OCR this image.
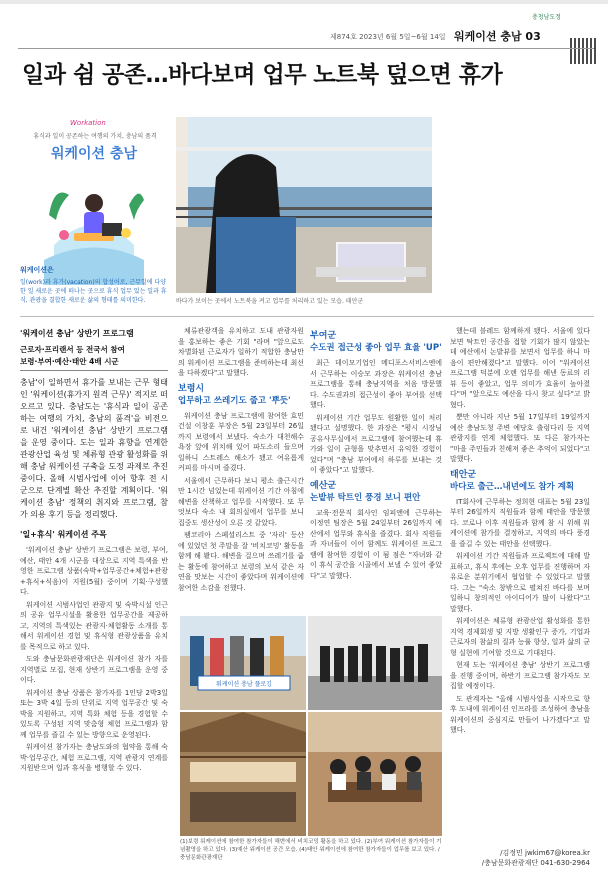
제874호 2023년 6월 5일~6월 14일 워케이션 충남 03
충청남도정
일과 쉼 공존…바다보며 업무 노트북 덮으면 휴가
Workation
휴식과 일이 공존하는 여행의 가치, 충남의 품격
워케이션 충남
워케이션은
일(work)과 휴가(vacation)의 합성어로, 근무일에 다양한 일 새로운 곳에 떠나는 곳으로 휴식 업무 있는 일과 휴식, 관광을 결합한 새로운 삶의 형태를 의미한다.	바다가 보이는 곳에서 노트북을 켜고 업무를 처리하고 있는 모습. 태안군
'워케이션 충남' 상반기 프로그램
근로자·프리랜서 등 전국서 참여
보령·부여·예산·태안 4배 시군
충남'이 일하면서 휴가를 보내는 근무 형태인 '워케이션(휴가지 원격 근무)' 적지로 떠오르고 있다. 충남도는 '휴식과 일이 공존하는 여행의 가치, 충남의 품격'을 비전으로 내건 '워케이션 충남' 상반기 프로그램을 운영 중이다. 도는 일과 휴향을 연계한 관광산업 육성 및 체류형 관광 활성화를 위해 충남 워케이션 구축을 도정 과제로 추진 중이다. 올해 시범사업에 이어 향후 전 시군으로 단계별 확산 추진할 계획이다. '워케이션 충남' 정책의 취지와 프로그램, 참가 의용 후기 등을 정리했다.
'일+휴식' 워케이션 주목

'워케이션 충남' 상반기 프로그램은 보령, 부여, 예산, 태안 4개 시군을 대상으로 지역 특색을 반영한 프로그램 상품(숙박+업무공간+체험+관광+휴식+식음)이 지원(5월) 중이며 기획·구성했다.

워케이션 시범사업인 관광지 및 숙박시설 인근의 공유 업무시설을 활용한 업무공간을 제공하고, 지역의 특색있는 관광지·체험활동 소개를 통해서 워케이션 경험 및 휴식형 관광상품을 유치를 목적으로 하고 있다.

도와 충남문화관광재단은 워케이션 참가 자를 지역별로 모집, 현재 상반기 프로그램을 운영 중이다.

워케이션 충남 상품은 참가자를 1인당 2박3일 또는 3박 4일 등의 단위로 지역 업무공간 및 숙박을 지원하고, 지역 특화 체험 등을 경험할 수 있도록 구성된 지역 맞춤형 체험 프로그램과 함께 업무를 즐길 수 있는 방향으로 운영된다.

워케이션 참가자는 충남도와의 협약을 통해 숙박·업무공간, 체험 프로그램, 지역 관광지 연계를 지원받으며 일과 휴식을 병행할 수 있다.

체류관광객을 유치하고 도내 관광자원을 홍보하는 좋은 기회 "라며 "앞으로도 차별화된 근로자가 일하기 적합한 충남만의 워케이션 프로그램을 준비하는데 최선을 다하겠다"고 말했다.

보령시
업무하고 쓰레기도 줍고 '뿌듯'

워케이션 충남 프로그램에 참여한 효민건설 이창훈 부장은 5월 23일부터 26일까지 보령에서 보냈다. 숙소가 대천해수욕장 앞에 위치해 있어 파도소리 들으며 일하니 스트레스 해소가 됐고 여유롭게 커피를 마시며 즐겼다.

서울에서 근무하다 보니 평소 출근시간만 1시간 넘었는데 워케이션 기간 아침에 해변을 산책하고 업무를 시작했다. 또 무엇보다 숙소 내 회의실에서 업무를 보니 집중도 생산성이 오른 것 같았다.

팸코리아 스페셜리스트 중 '자리' 등산에 있었던 첫 주말을 잘 '비치코밍' 활동을 함께 해 봤다. 해변을 걸으며 쓰레기를 줍는 활동에 참여하고 보령의 보석 같은 자연을 맛보는 시간이 좋았다며 워케이션에 참여한 소감을 전했다.

부여군
수도권 접근성 좋아 업무 효율 'UP'

최근 데이모기업인 메디포스서비스엔에서 근무하는 이승모 과장은 워케이션 충남 프로그램을 통해 충남지역을 처음 방문했다. 수도권과의 접근성이 좋아 부여를 선택했다.

워케이션 기간 업무도 원활한 일이 처리됐다고 설명했다. 한 과장은 "평시 시장님 공유사무실에서 프로그램에 참여했는데 휴가와 일이 균형을 맞추면서 유익한 경험이었다"며 "충남 부여에서 하루를 보내는 것이 좋았다"고 말했다.

예산군
논밭뷰 탁트인 풍경 보니 편안

교육·전문직 회사인 임피앤에 근무하는 이정연 팀장은 5월 24일부터 26일까지 예산에서 업무와 휴식을 즐겼다. 회사 직원들과 자녀들이 이어 함께도 워케이션 프로그램에 참여한 경험이 이 됨 점은 "자녀와 같이 휴식 공간을 시골에서 보낼 수 있어 좋았다"고 말했다.

워케이션 충남 플로깅
(1)보령 워케이션에 참여한 참가자들이 해변에서 비치코밍 활동을 하고 있다. (2)부여 워케이션 참가자들이 기념촬영을 하고 있다. (3)예산 워케이션 공간 모습. (4)태안 워케이션에 참여한 참가자들이 업무를 보고 있다. /충남문화관광재단

했는데 블레드 함께하게 됐다. 서울에 있다보면 탁트인 공간을 접할 기회가 많지 않았는데 예산에서 논밭뷰를 보면서 업무를 하니 마음이 편안해졌다"고 말했다. 이어 "워케이션 프로그램 덕분에 오랜 업무를 해낸 동료의 리뷰 등이 좋았고, 업무 의미가 효율이 높아졌다"며 "앞으로도 예산을 다시 찾고 싶다"고 밝혔다.

뿐만 아니라 지난 5월 17일부터 19일까지 예산 충남도청 주변 예당호 출렁다리 등 지역 관광지를 연계 체험했다. 또 다른 참가자는 "마을 주민들과 친해져 좋은 추억이 되었다"고 말했다.

태안군
바다로 출근…내년에도 참가 계획

IT회사에 근무하는 정희현 대표는 5월 23일부터 26일까지 직원들과 함께 태안을 방문했다. 코로나 이후 직원들과 함께 참 시 위해 워케이션에 참가를 결정하고, 지역의 바다 풍경을 즐길 수 있는 태안을 선택했다.

워케이션 기간 직원들과 프로젝트에 대해 발표하고, 휴식 후에는 오후 업무를 진행하며 자유로운 분위기에서 협업할 수 있었다고 말했다. 그는 "숙소 창밖으로 펼쳐진 바다를 보며 일하니 창의적인 아이디어가 많이 나왔다"고 말했다.

워케이션은 체류형 관광산업 활성화를 통한 지역 경제회생 및 지방 생활인구 증가, 기업과 근로자의 참삶의 질과 능률 향상, 일과 삶의 균형 실현에 기여할 것으로 기대된다.

현재 도는 '워케이션 충남' 상반기 프로그램을 진행 중이며, 하반기 프로그램 참가자도 모집할 예정이다.

도 관계자는 "올해 시범사업을 시작으로 향후 도내에 워케이션 인프라를 조성하여 충남을 워케이션의 중심지로 만들어 나가겠다"고 말했다.

/김정민 jwkim67@korea.kr
/충남문화관광재단 041-630-2964
